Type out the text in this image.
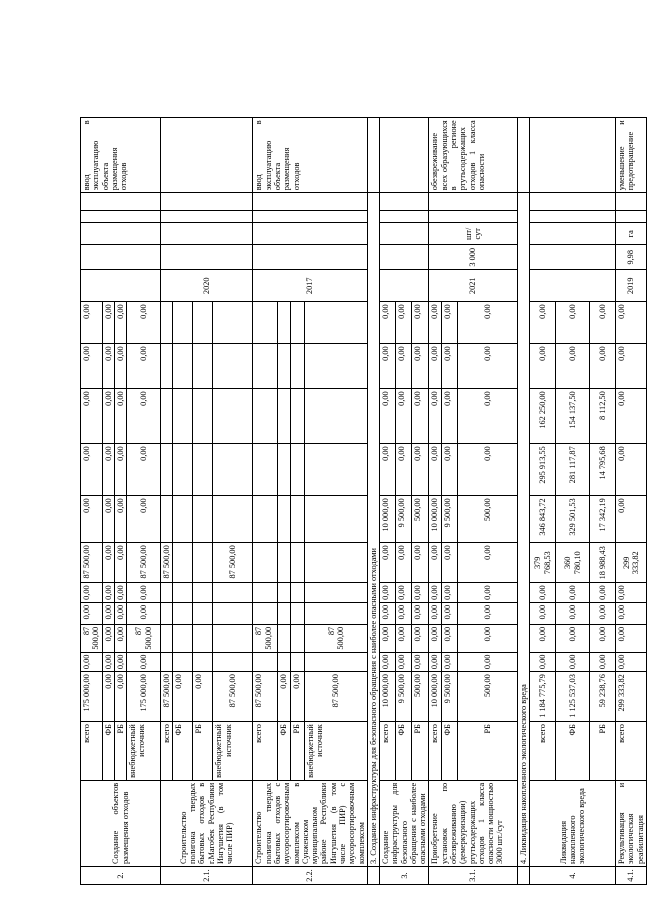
2.	Создание объектов размещения отходов	всего	175 000,00	0,00	87 500,00	0,00	0,00	87 500,00	0,00	0,00	0,00	0,00	0,00						ввод в эксплуатацию объекта размещения отходов
		ФБ	0,00	0,00	0,00	0,00	0,00	0,00	0,00	0,00	0,00	0,00	0,00						
		РБ	0,00	0,00	0,00	0,00	0,00	0,00	0,00	0,00	0,00	0,00	0,00						
		внебюджетный источник	175 000,00	0,00	87 500,00	0,00	0,00	87 500,00	0,00	0,00	0,00	0,00	0,00						
2.1.	Строительство полигона твердых бытовых отходов в г.Магобек Республики Ингушетия (в том числе ПИР)	всего	87 500,00					87 500,00						2020					
		ФБ	0,00																
		РБ	0,00																
		внебюджетный источник	87 500,00					87 500,00											
2.2.	Строительство полигона твердых бытовых отходов с мусоросортировочным комплексом в Сунженском муниципальном районе Республики Ингушетия (в том числе ПИР) с мусоросортировочным комплексом	всего	87 500,00		87 500,00									2017					ввод в эксплуатацию объекта размещения отходов
		ФБ	0,00																
		РБ	0,00																
		внебюджетный источник	87 500,00		87 500,00														
	3. Создание инфраструктуры для безопасного обращения с наиболее опасными отходами																		
3.	Создание инфраструктуры для безопасного обращения с наиболее опасными отходами	всего	10 000,00	0,00	0,00	0,00	0,00	0,00	10 000,00	0,00	0,00	0,00	0,00						
		ФБ	9 500,00	0,00	0,00	0,00	0,00	0,00	9 500,00	0,00	0,00	0,00	0,00						
		РБ	500,00	0,00	0,00	0,00	0,00	0,00	500,00	0,00	0,00	0,00	0,00						
3.1.	Приобретение установок по обезвреживанию (демеркуризации) ртутьсодержащих отходов 1 класса опасности мощностью 3000 шт./сут	всего	10 000,00	0,00	0,00	0,00	0,00	0,00	10 000,00	0,00	0,00	0,00	0,00	2021	3 000	шт/сут			обезвреживание всех образующихся в регионе ртутьсодержащих отходов 1 класса опасности
		ФБ	9 500,00	0,00	0,00	0,00	0,00	0,00	9 500,00	0,00	0,00	0,00	0,00						
		РБ	500,00	0,00	0,00	0,00	0,00	0,00	500,00	0,00	0,00	0,00	0,00						
	4. Ликвидация накопленного экологического вреда																		
4.	Ликвидация накопленного экологического вреда	всего	1 184 775,79	0,00	0,00	0,00	0,00	379 768,53	346 843,72	295 913,55	162 250,00	0,00	0,00						
		ФБ	1 125 537,03	0,00	0,00	0,00	0,00	360 780,10	329 501,53	281 117,87	154 137,50	0,00	0,00						
		РБ	59 238,76	0,00	0,00	0,00	0,00	18 988,43	17 342,19	14 795,68	8 112,50	0,00	0,00						
4.1.	Рекультивация и экологическая реабилитация	всего	299 333,82	0,00	0,00	0,00	0,00	299 333,82	0,00	0,00	0,00	0,00	0,00	2019	9,98	га			уменьшение и предотвращение
